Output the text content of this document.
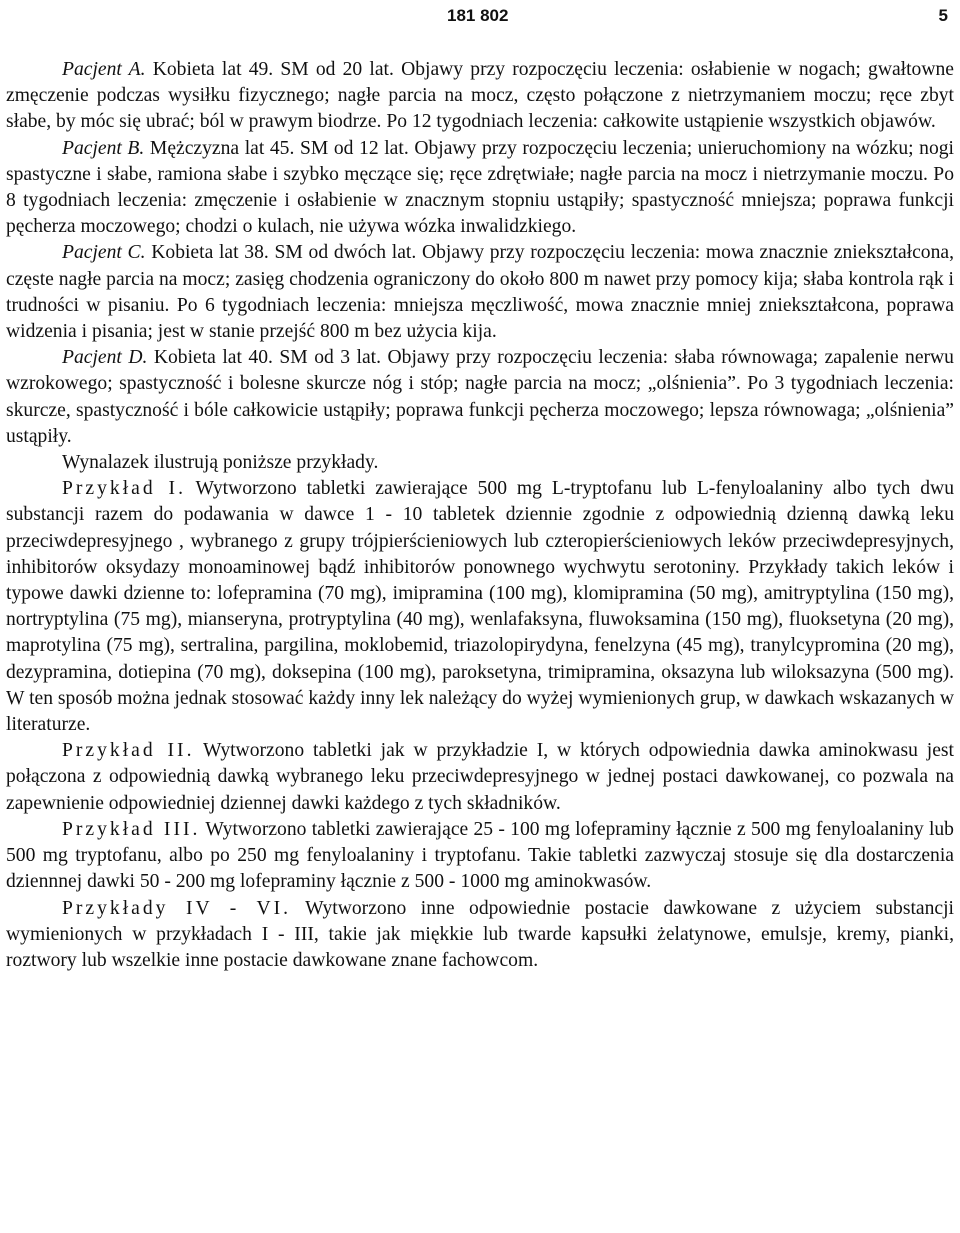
181 802	5

Pacjent A. Kobieta lat 49. SM od 20 lat. Objawy przy rozpoczęciu leczenia: osłabienie w nogach; gwałtowne zmęczenie podczas wysiłku fizycznego; nagłe parcia na mocz, często połączone z nietrzymaniem moczu; ręce zbyt słabe, by móc się ubrać; ból w prawym biodrze. Po 12 tygodniach leczenia: całkowite ustąpienie wszystkich objawów.

Pacjent B. Mężczyzna lat 45. SM od 12 lat. Objawy przy rozpoczęciu leczenia; unieruchomiony na wózku; nogi spastyczne i słabe, ramiona słabe i szybko męczące się; ręce zdrętwiałe; nagłe parcia na mocz i nietrzymanie moczu. Po 8 tygodniach leczenia: zmęczenie i osłabienie w znacznym stopniu ustąpiły; spastyczność mniejsza; poprawa funkcji pęcherza moczowego; chodzi o kulach, nie używa wózka inwalidzkiego.

Pacjent C. Kobieta lat 38. SM od dwóch lat. Objawy przy rozpoczęciu leczenia: mowa znacznie zniekształcona, częste nagłe parcia na mocz; zasięg chodzenia ograniczony do około 800 m nawet przy pomocy kija; słaba kontrola rąk i trudności w pisaniu. Po 6 tygodniach leczenia: mniejsza męczliwość, mowa znacznie mniej zniekształcona, poprawa widzenia i pisania; jest w stanie przejść 800 m bez użycia kija.

Pacjent D. Kobieta lat 40. SM od 3 lat. Objawy przy rozpoczęciu leczenia: słaba równowaga; zapalenie nerwu wzrokowego; spastyczność i bolesne skurcze nóg i stóp; nagłe parcia na mocz; „olśnienia”. Po 3 tygodniach leczenia: skurcze, spastyczność i bóle całkowicie ustąpiły; poprawa funkcji pęcherza moczowego; lepsza równowaga; „olśnienia” ustąpiły.

Wynalazek ilustrują poniższe przykłady.

Przykład I. Wytworzono tabletki zawierające 500 mg L-tryptofanu lub L-fenyloalaniny albo tych dwu substancji razem do podawania w dawce 1 - 10 tabletek dziennie zgodnie z odpowiednią dzienną dawką leku przeciwdepresyjnego , wybranego z grupy trójpierścieniowych lub czteropierścieniowych leków przeciwdepresyjnych, inhibitorów oksydazy monoaminowej bądź inhibitorów ponownego wychwytu serotoniny. Przykłady takich leków i typowe dawki dzienne to: lofepramina (70 mg), imipramina (100 mg), klomipramina (50 mg), amitryptylina (150 mg), nortryptylina (75 mg), mianseryna, protryptylina (40 mg), wenlafaksyna, fluwoksamina (150 mg), fluoksetyna (20 mg), maprotylina (75 mg), sertralina, pargilina, moklobemid, triazolopirydyna, fenelzyna (45 mg), tranylcypromina (20 mg), dezypramina, dotiepina (70 mg), doksepina (100 mg), paroksetyna, trimipramina, oksazyna lub wiloksazyna (500 mg). W ten sposób można jednak stosować każdy inny lek należący do wyżej wymienionych grup, w dawkach wskazanych w literaturze.

Przykład II. Wytworzono tabletki jak w przykładzie I, w których odpowiednia dawka aminokwasu jest połączona z odpowiednią dawką wybranego leku przeciwdepresyjnego w jednej postaci dawkowanej, co pozwala na zapewnienie odpowiedniej dziennej dawki każdego z tych składników.

Przykład III. Wytworzono tabletki zawierające 25 - 100 mg lofepraminy łącznie z 500 mg fenyloalaniny lub 500 mg tryptofanu, albo po 250 mg fenyloalaniny i tryptofanu. Takie tabletki zazwyczaj stosuje się dla dostarczenia dziennnej dawki 50 - 200 mg lofepraminy łącznie z 500 - 1000 mg aminokwasów.

Przykłady IV - VI. Wytworzono inne odpowiednie postacie dawkowane z użyciem substancji wymienionych w przykładach I - III, takie jak miękkie lub twarde kapsułki żelatynowe, emulsje, kremy, pianki, roztwory lub wszelkie inne postacie dawkowane znane fachowcom.
